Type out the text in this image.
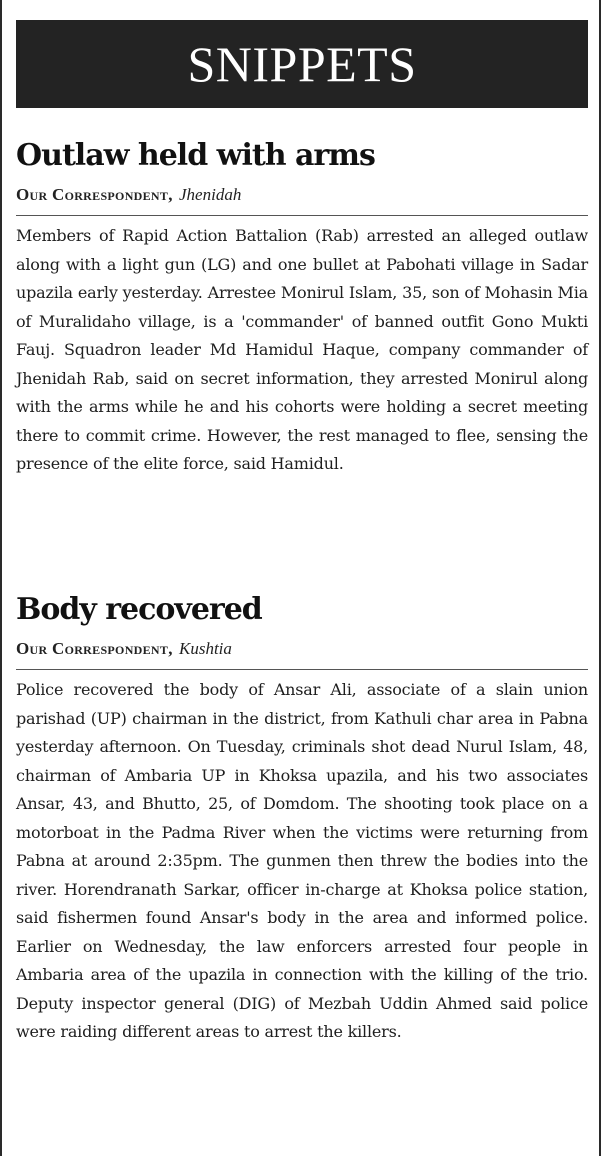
SNIPPETS
Outlaw held with arms
Our Correspondent, Jhenidah

Members of Rapid Action Battalion (Rab) arrested an alleged outlaw along with a light gun (LG) and one bullet at Pabohati village in Sadar upazila early yesterday. Arrestee Monirul Islam, 35, son of Mohasin Mia of Muralidaho village, is a 'commander' of banned outfit Gono Mukti Fauj. Squadron leader Md Hamidul Haque, company commander of Jhenidah Rab, said on secret information, they arrested Monirul along with the arms while he and his cohorts were holding a secret meeting there to commit crime. However, the rest managed to flee, sensing the presence of the elite force, said Hamidul.

Body recovered
Our Correspondent, Kushtia

Police recovered the body of Ansar Ali, associate of a slain union parishad (UP) chairman in the district, from Kathuli char area in Pabna yesterday afternoon. On Tuesday, criminals shot dead Nurul Islam, 48, chairman of Ambaria UP in Khoksa upazila, and his two associates Ansar, 43, and Bhutto, 25, of Domdom. The shooting took place on a motorboat in the Padma River when the victims were returning from Pabna at around 2:35pm. The gunmen then threw the bodies into the river. Horendranath Sarkar, officer in-charge at Khoksa police station, said fishermen found Ansar's body in the area and informed police. Earlier on Wednesday, the law enforcers arrested four people in Ambaria area of the upazila in connection with the killing of the trio. Deputy inspector general (DIG) of Mezbah Uddin Ahmed said police were raiding different areas to arrest the killers.
